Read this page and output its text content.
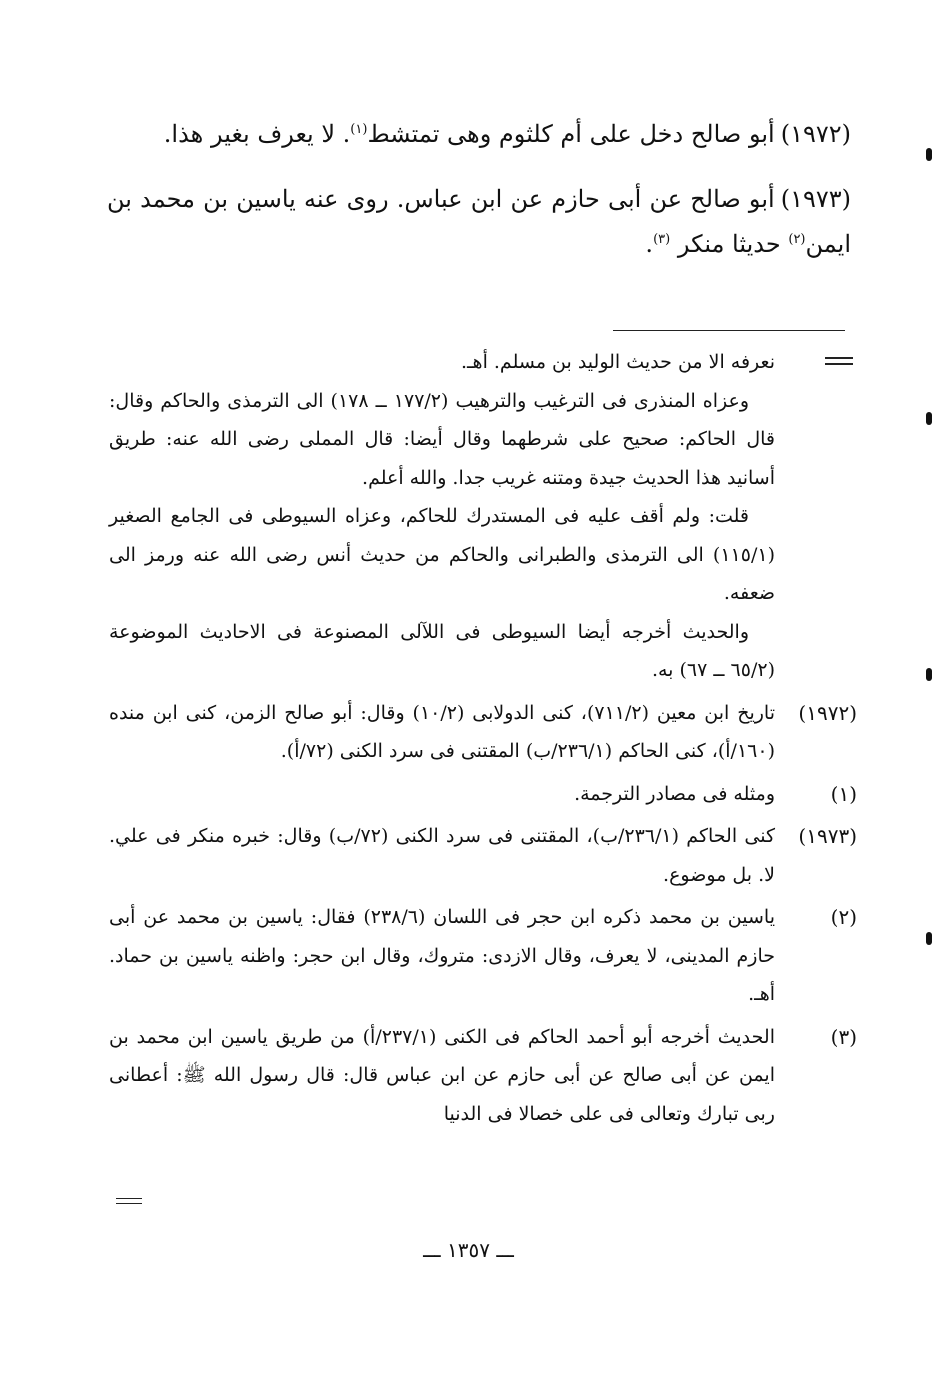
(١٩٧٢)أبو صالح دخل على أم كلثوم وهى تمتشط$^{(١)}$. لا يعرف بغير هذا.

(١٩٧٣)أبو صالح عن أبى حازم عن ابن عباس. روى عنه ياسين بن محمد بن ايمن$^{(٢)}$ حديثا منكر $^{(٣)}$.

نعرفه الا من حديث الوليد بن مسلم. أهـ.

وعزاه المنذرى فى الترغيب والترهيب (١٧٧/٢ ــ ١٧٨) الى الترمذى والحاكم وقال: قال الحاكم: صحيح على شرطهما وقال أيضا: قال المملى رضى الله عنه: طريق أسانيد هذا الحديث جيدة ومتنه غريب جدا. والله أعلم.

قلت: ولم أقف عليه فى المستدرك للحاكم، وعزاه السيوطى فى الجامع الصغير (١١٥/١) الى الترمذى والطبرانى والحاكم من حديث أنس رضى الله عنه ورمز الى ضعفه.

والحديث أخرجه أيضا السيوطى فى اللآلى المصنوعة فى الاحاديث الموضوعة (٦٥/٢ ــ ٦٧) به.

(١٩٧٢)
تاريخ ابن معين (٧١١/٢)، كنى الدولابى (١٠/٢) وقال: أبو صالح الزمن، كنى ابن منده (١٦٠/أ)، كنى الحاكم (٢٣٦/١/ب) المقتنى فى سرد الكنى (٧٢/أ).
(١)
ومثله فى مصادر الترجمة.
(١٩٧٣)
كنى الحاكم (٢٣٦/١/ب)، المقتنى فى سرد الكنى (٧٢/ب) وقال: خبره منكر فى علي. لا. بل موضوع.
(٢)
ياسين بن محمد ذكره ابن حجر فى اللسان (٢٣٨/٦) فقال: ياسين بن محمد عن أبى حازم المدينى، لا يعرف، وقال الازدى: متروك، وقال ابن حجر: واظنه ياسين بن حماد. أهـ.
(٣)
الحديث أخرجه أبو أحمد الحاكم فى الكنى (٢٣٧/١/أ) من طريق ياسين ابن محمد بن ايمن عن أبى صالح عن أبى حازم عن ابن عباس قال: قال رسول الله ﷺ: أعطانى ربى تبارك وتعالى فى على خصالا فى الدنيا
ـــ ١٣٥٧ ـــ
